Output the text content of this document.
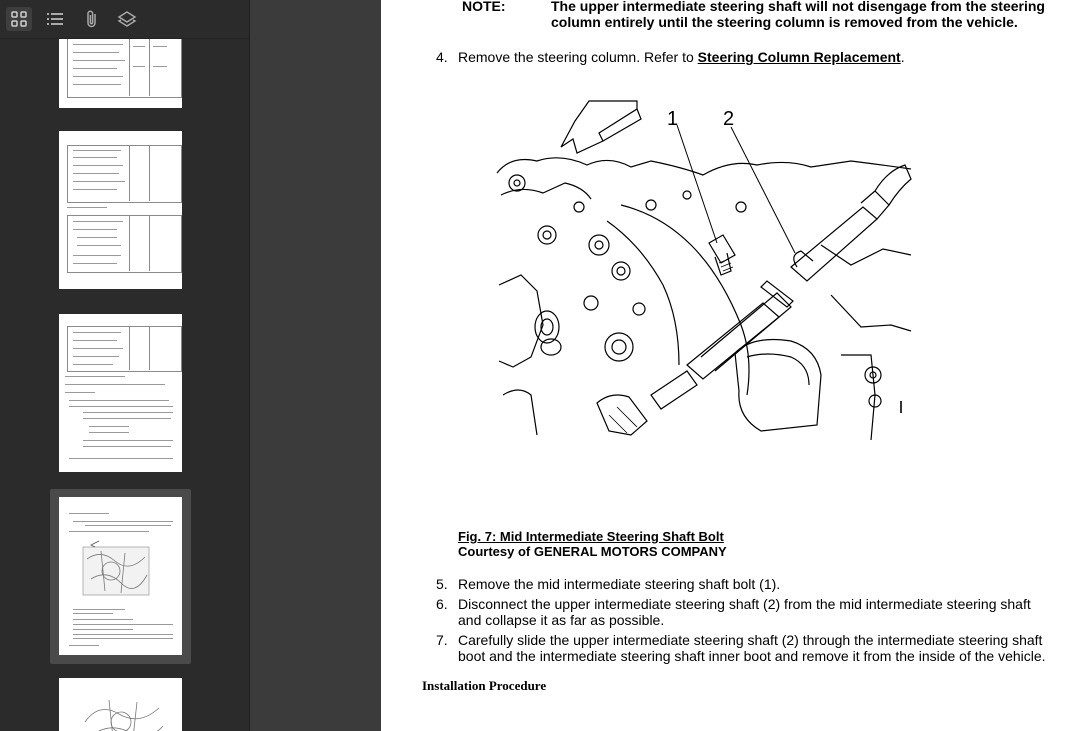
NOTE:	The upper intermediate steering shaft will not disengage from the steering column entirely until the steering column is removed from the vehicle.
4. Remove the steering column. Refer to Steering Column Replacement.
1 2
Fig. 7: Mid Intermediate Steering Shaft Bolt
Courtesy of GENERAL MOTORS COMPANY
5. Remove the mid intermediate steering shaft bolt (1).
6. Disconnect the upper intermediate steering shaft (2) from the mid intermediate steering shaft
and collapse it as far as possible.
7. Carefully slide the upper intermediate steering shaft (2) through the intermediate steering shaft
boot and the intermediate steering shaft inner boot and remove it from the inside of the vehicle.
Installation Procedure
